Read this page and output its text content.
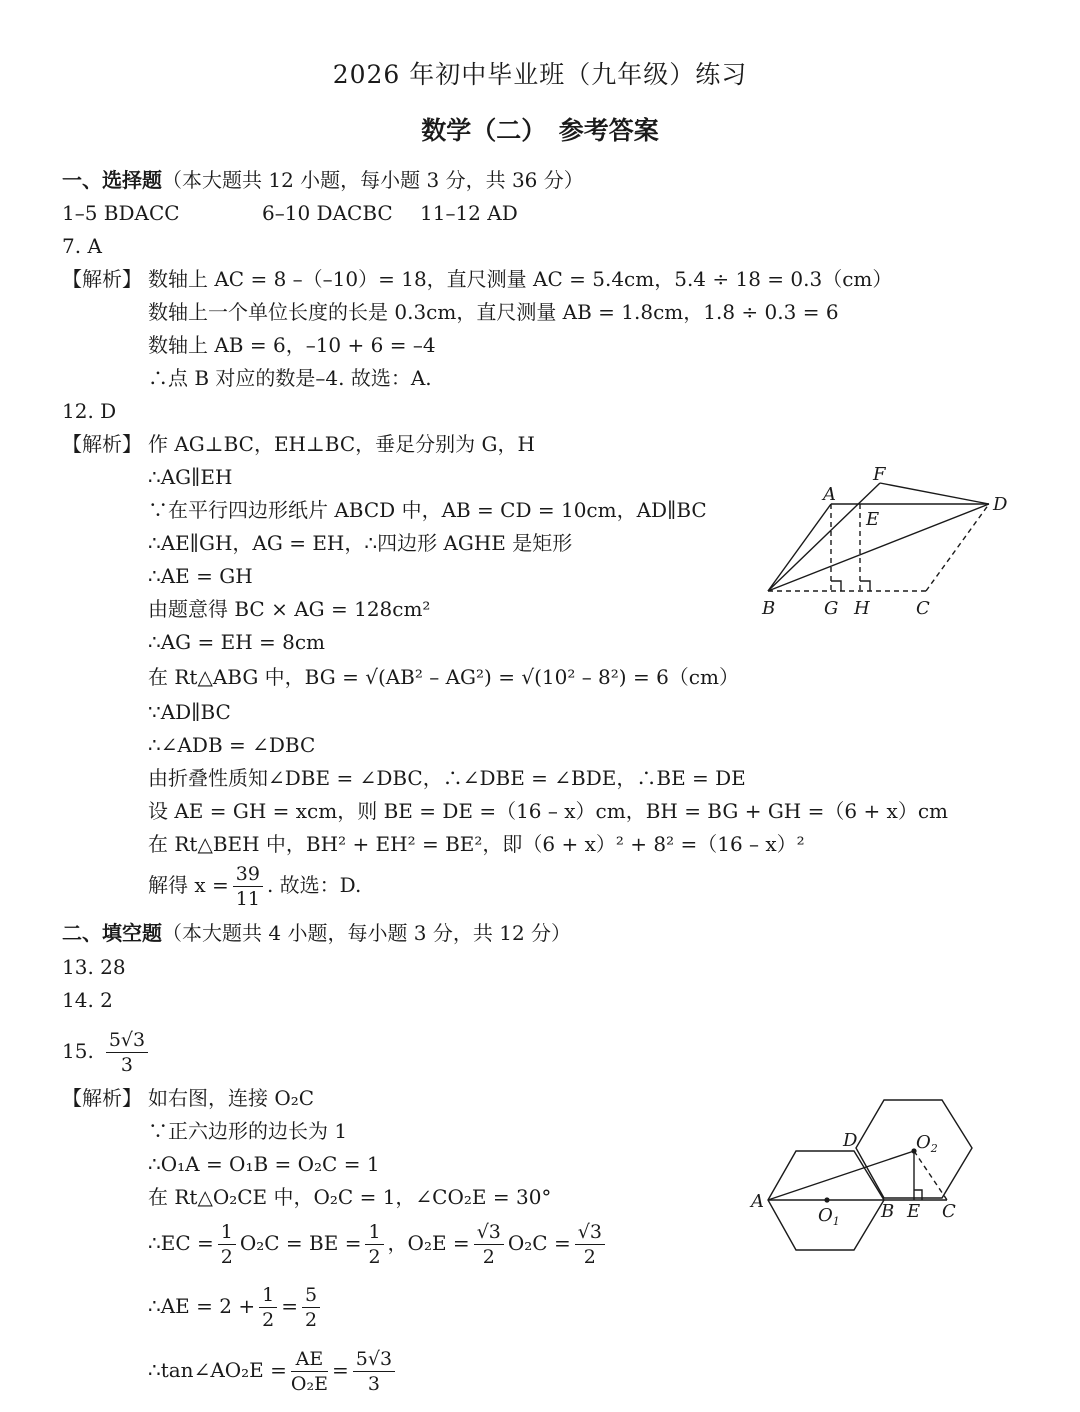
2026 年初中毕业班（九年级）练习
数学（二）　参考答案
一、选择题（本大题共 12 小题，每小题 3 分，共 36 分）
1–5 BDACC	6–10 DACBC 11–12 AD
7. A
【解析】 数轴上 AC = 8 –（–10）= 18，直尺测量 AC = 5.4cm，5.4 ÷ 18 = 0.3（cm）
数轴上一个单位长度的长是 0.3cm，直尺测量 AB = 1.8cm，1.8 ÷ 0.3 = 6
数轴上 AB = 6，–10 + 6 = –4
∴点 B 对应的数是–4. 故选：A.
12. D
【解析】 作 AG⊥BC，EH⊥BC，垂足分别为 G，H
∴AG∥EH
∵在平行四边形纸片 ABCD 中，AB = CD = 10cm，AD∥BC
∴AE∥GH，AG = EH，∴四边形 AGHE 是矩形
∴AE = GH
由题意得 BC × AG = 128cm²
∴AG = EH = 8cm
在 Rt△ABG 中，BG = √(AB² – AG²) = √(10² – 8²) = 6（cm）
∵AD∥BC
∴∠ADB = ∠DBC
由折叠性质知∠DBE = ∠DBC，∴∠DBE = ∠BDE，∴BE = DE
设 AE = GH = xcm，则 BE = DE =（16 – x）cm，BH = BG + GH =（6 + x）cm
在 Rt△BEH 中，BH² + EH² = BE²，即（6 + x）² + 8² =（16 – x）²
解得 $x = \frac{39}{11}$ . 故选：D.
A
F
D
E
B	G H	C
二、填空题（本大题共 4 小题，每小题 3 分，共 12 分）
13. 28
14. 2
15. $\frac{5√3}{3}$
【解析】 如右图，连接 O₂C
∵正六边形的边长为 1
∴O₁A = O₁B = O₂C = 1
在 Rt△O₂CE 中，O₂C = 1，∠CO₂E = 30°
∴EC = $\frac{1}{2} O_2C$ = BE = $\frac{1}{2}$ ，$O_2E = \frac{√3}{2} O_2C = \frac{√3}{2}$
∴AE = $2 + \frac{1}{2} = \frac{5}{2}$
∴tan∠AO₂E = $\frac{AE}{\text{O₂E}} = \frac{5√3}{3}$
D	$O_2$
A
$O_1$ B E C
